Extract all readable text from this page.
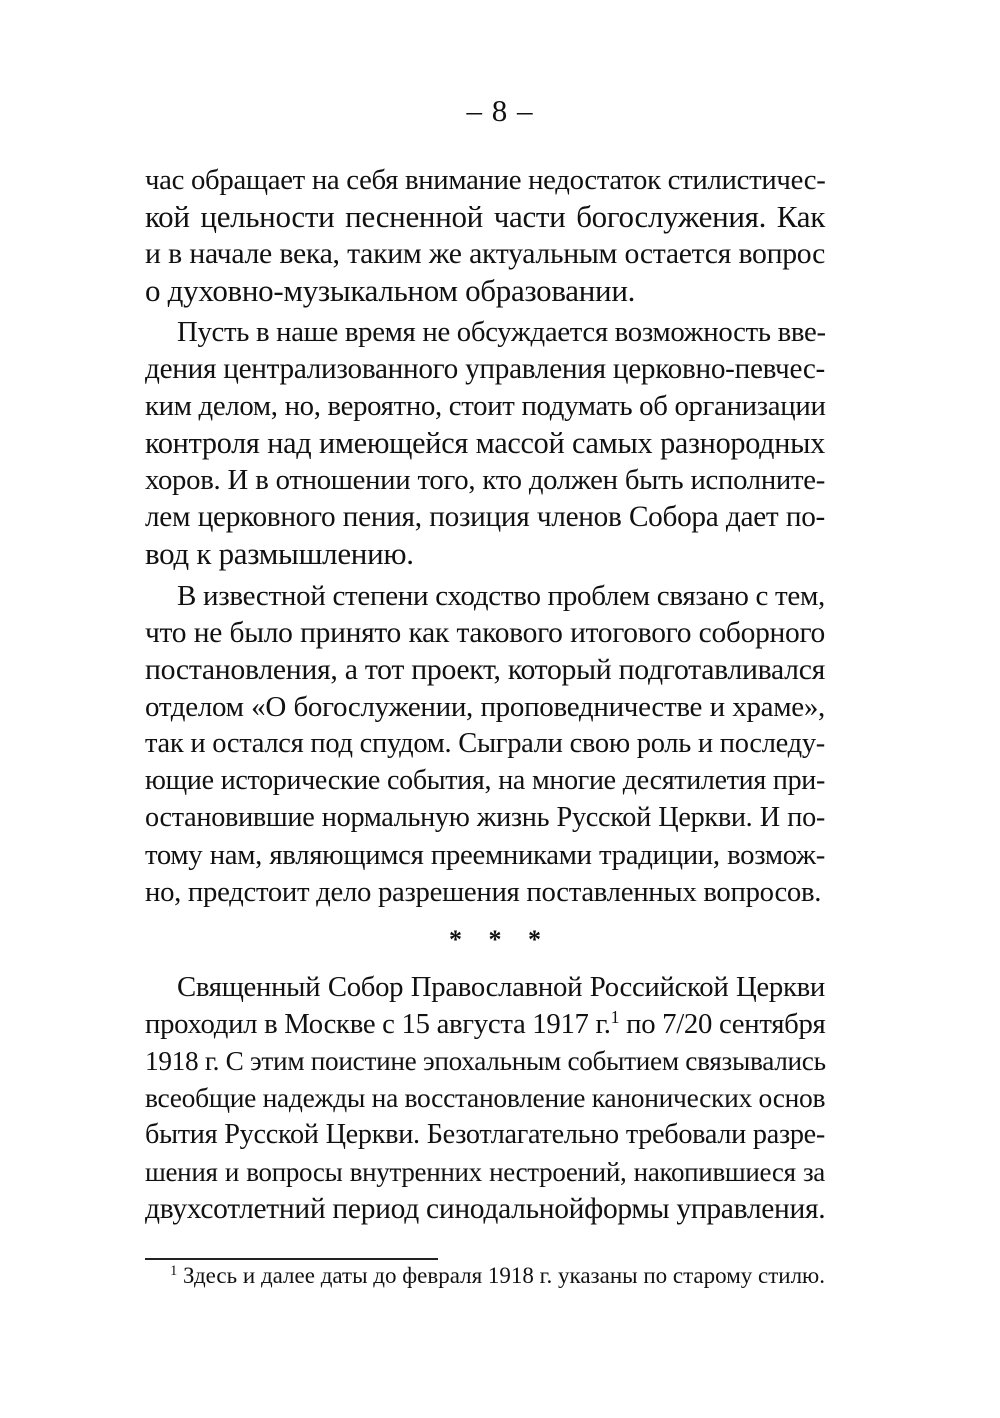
– 8 –
час обращает на себя внимание недостаток стилистичес-
кой цельности песненной части богослужения. Как
и в начале века, таким же актуальным остается вопрос
о духовно-музыкальном образовании.
Пусть в наше время не обсуждается возможность вве-
дения централизованного управления церковно-певчес-
ким делом, но, вероятно, стоит подумать об организации
контроля над имеющейся массой самых разнородных
хоров. И в отношении того, кто должен быть исполните-
лем церковного пения, позиция членов Собора дает по-
вод к размышлению.
В известной степени сходство проблем связано с тем,
что не было принято как такового итогового соборного
постановления, а тот проект, который подготавливался
отделом «О богослужении, проповедничестве и храме»,
так и остался под спудом. Сыграли свою роль и последу-
ющие исторические события, на многие десятилетия при-
остановившие нормальную жизнь Русской Церкви. И по-
тому нам, являющимся преемниками традиции, возмож-
но, предстоит дело разрешения поставленных вопросов.
* * *
Священный Собор Православной Российской Церкви
проходил в Москве с 15 августа 1917 г.$^1$ по 7/20 сентября
1918 г. С этим поистине эпохальным событием связывались
всеобщие надежды на восстановление канонических основ
бытия Русской Церкви. Безотлагательно требовали разре-
шения и вопросы внутренних нестроений, накопившиеся за
двухсотлетний период синодальнойформы управления.
$^1$ Здесь и далее даты до февраля 1918 г. указаны по старому стилю.
